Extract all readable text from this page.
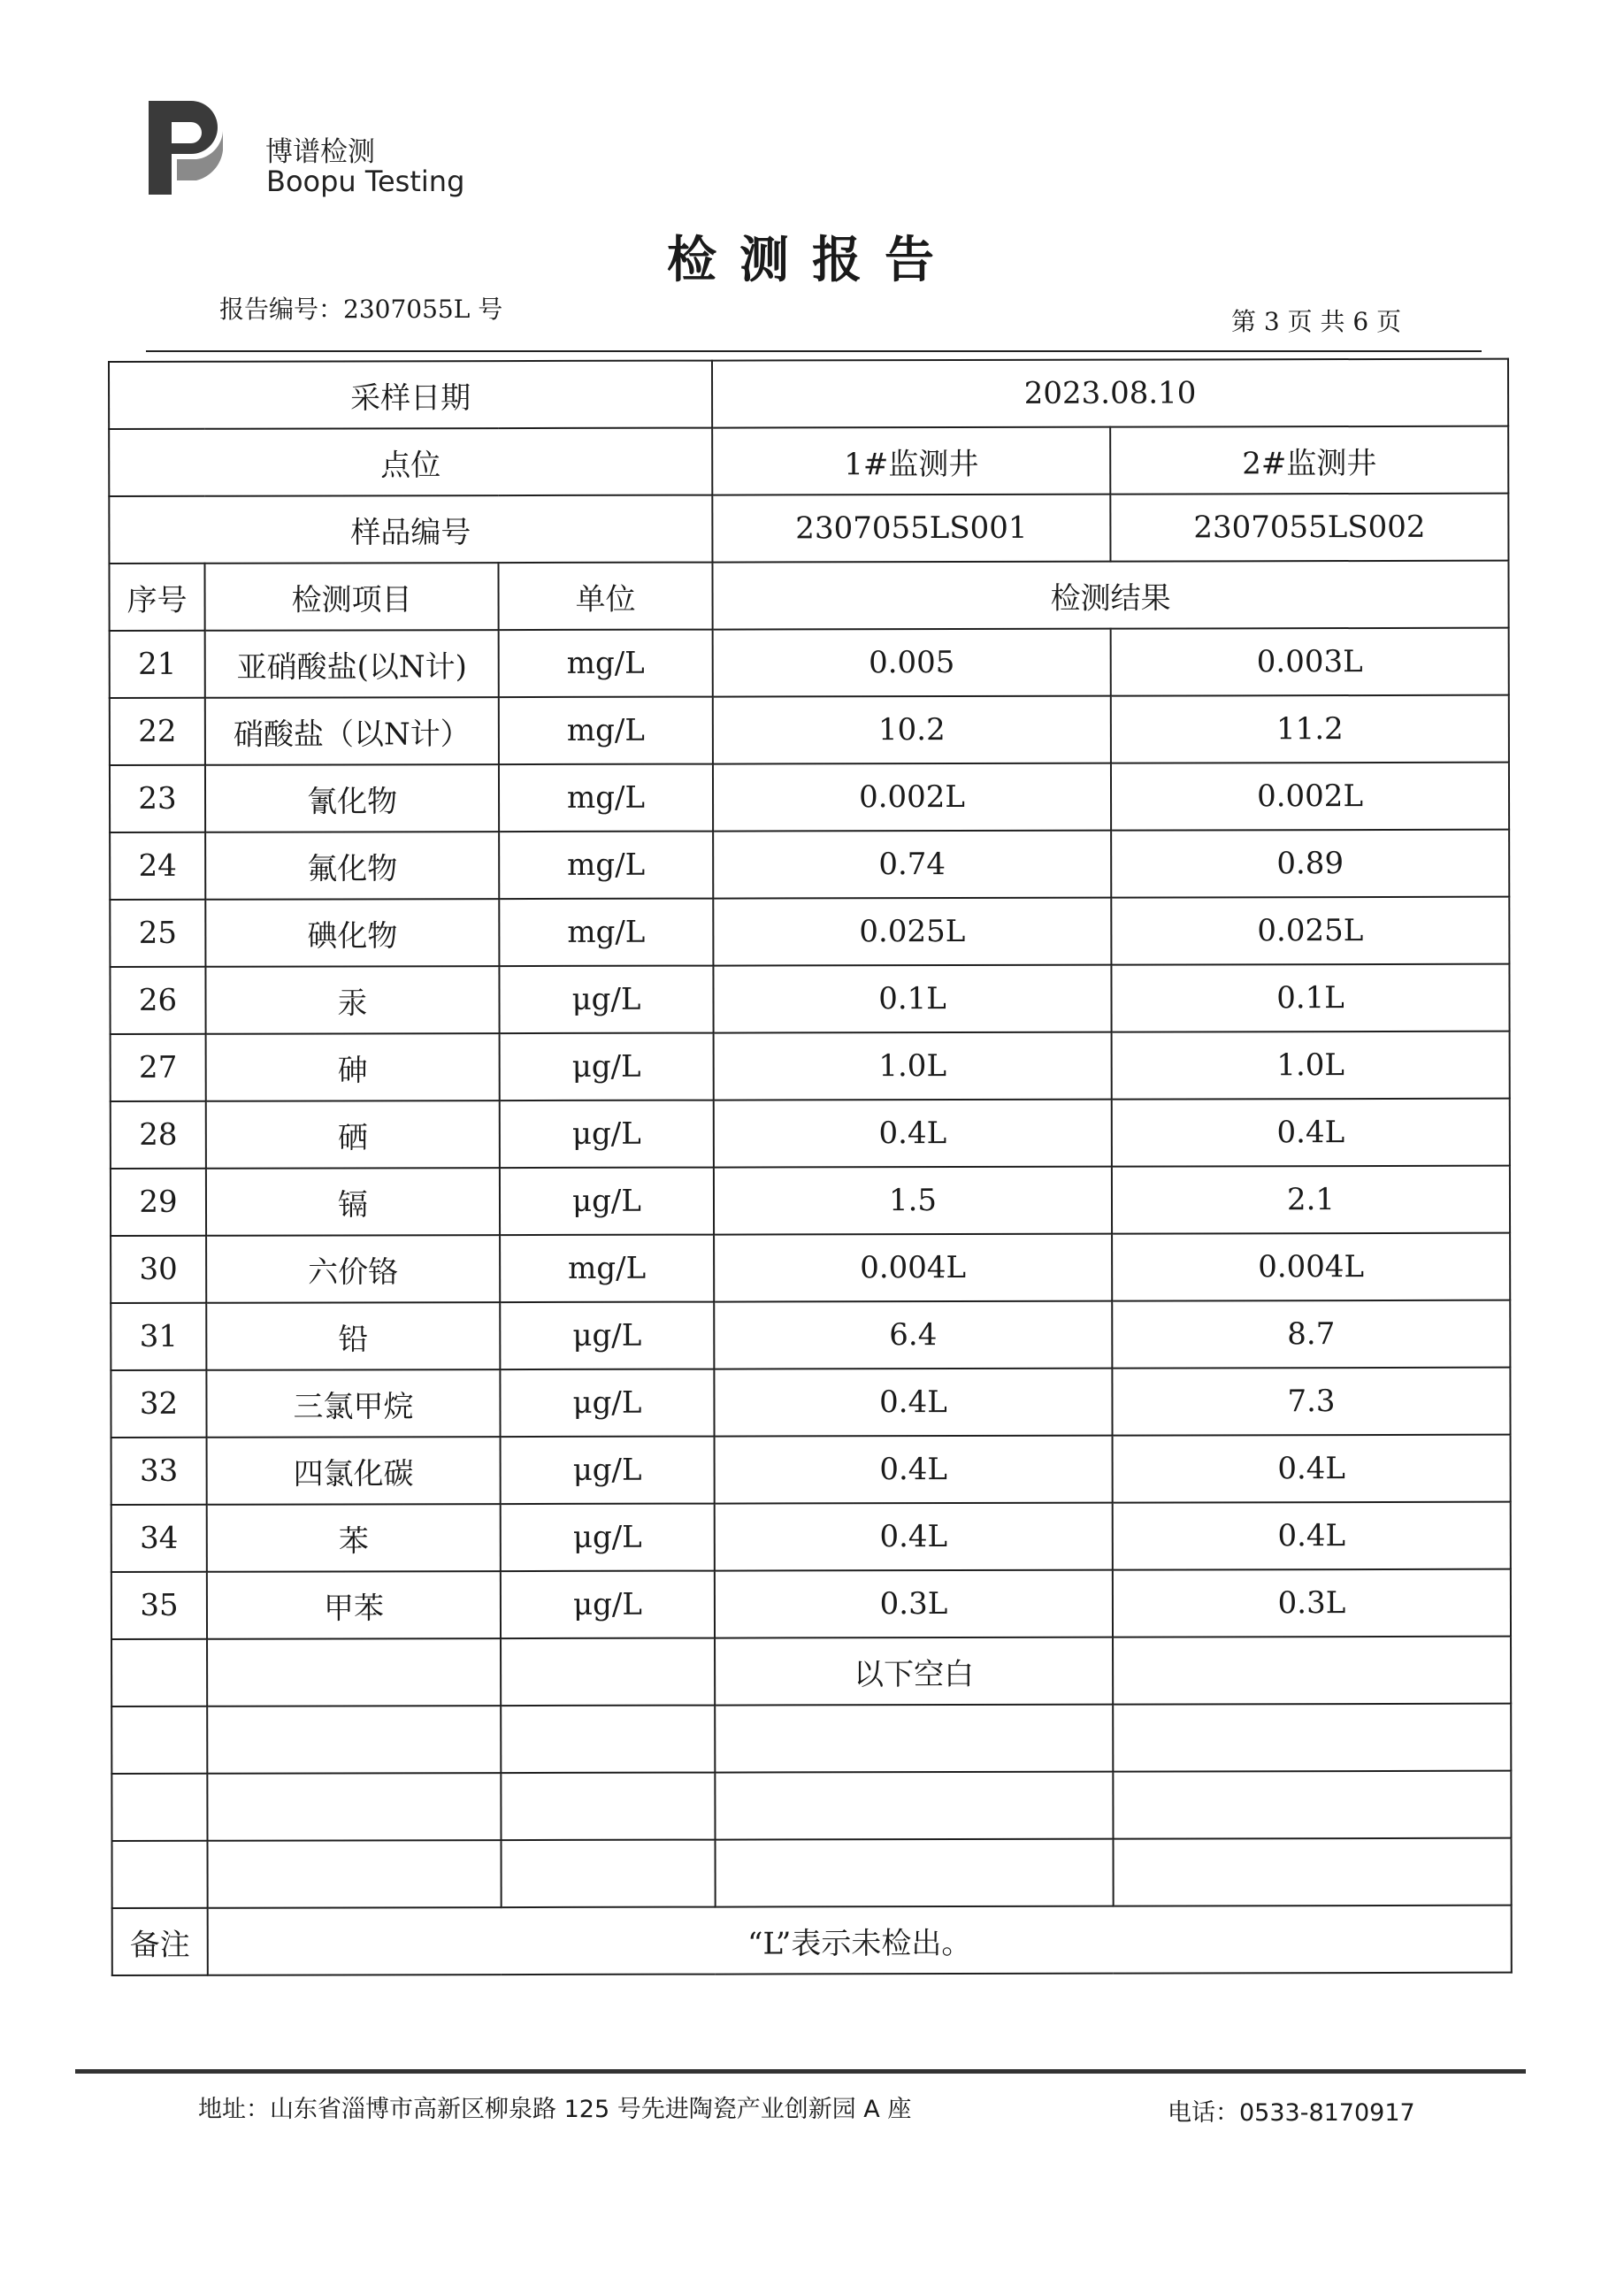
博谱检测
Boopu Testing
检测报告
报告编号：2307055L 号	第 3 页 共 6 页
采样日期			2023.08.10	
点位			1#监测井	2#监测井
样品编号			2307055LS001	2307055LS002
序号	检测项目	单位	检测结果	
21	亚硝酸盐(以N计)	mg/L	0.005	0.003L
22	硝酸盐（以N计）	mg/L	10.2	11.2
23	氰化物	mg/L	0.002L	0.002L
24	氟化物	mg/L	0.74	0.89
25	碘化物	mg/L	0.025L	0.025L
26	汞	μg/L	0.1L	0.1L
27	砷	μg/L	1.0L	1.0L
28	硒	μg/L	0.4L	0.4L
29	镉	μg/L	1.5	2.1
30	六价铬	mg/L	0.004L	0.004L
31	铅	μg/L	6.4	8.7
32	三氯甲烷	μg/L	0.4L	7.3
33	四氯化碳	μg/L	0.4L	0.4L
34	苯	μg/L	0.4L	0.4L
35	甲苯	μg/L	0.3L	0.3L
			以下空白	

备注	“L”表示未检出。			
地址：山东省淄博市高新区柳泉路 125 号先进陶瓷产业创新园 A 座	电话：0533-8170917
